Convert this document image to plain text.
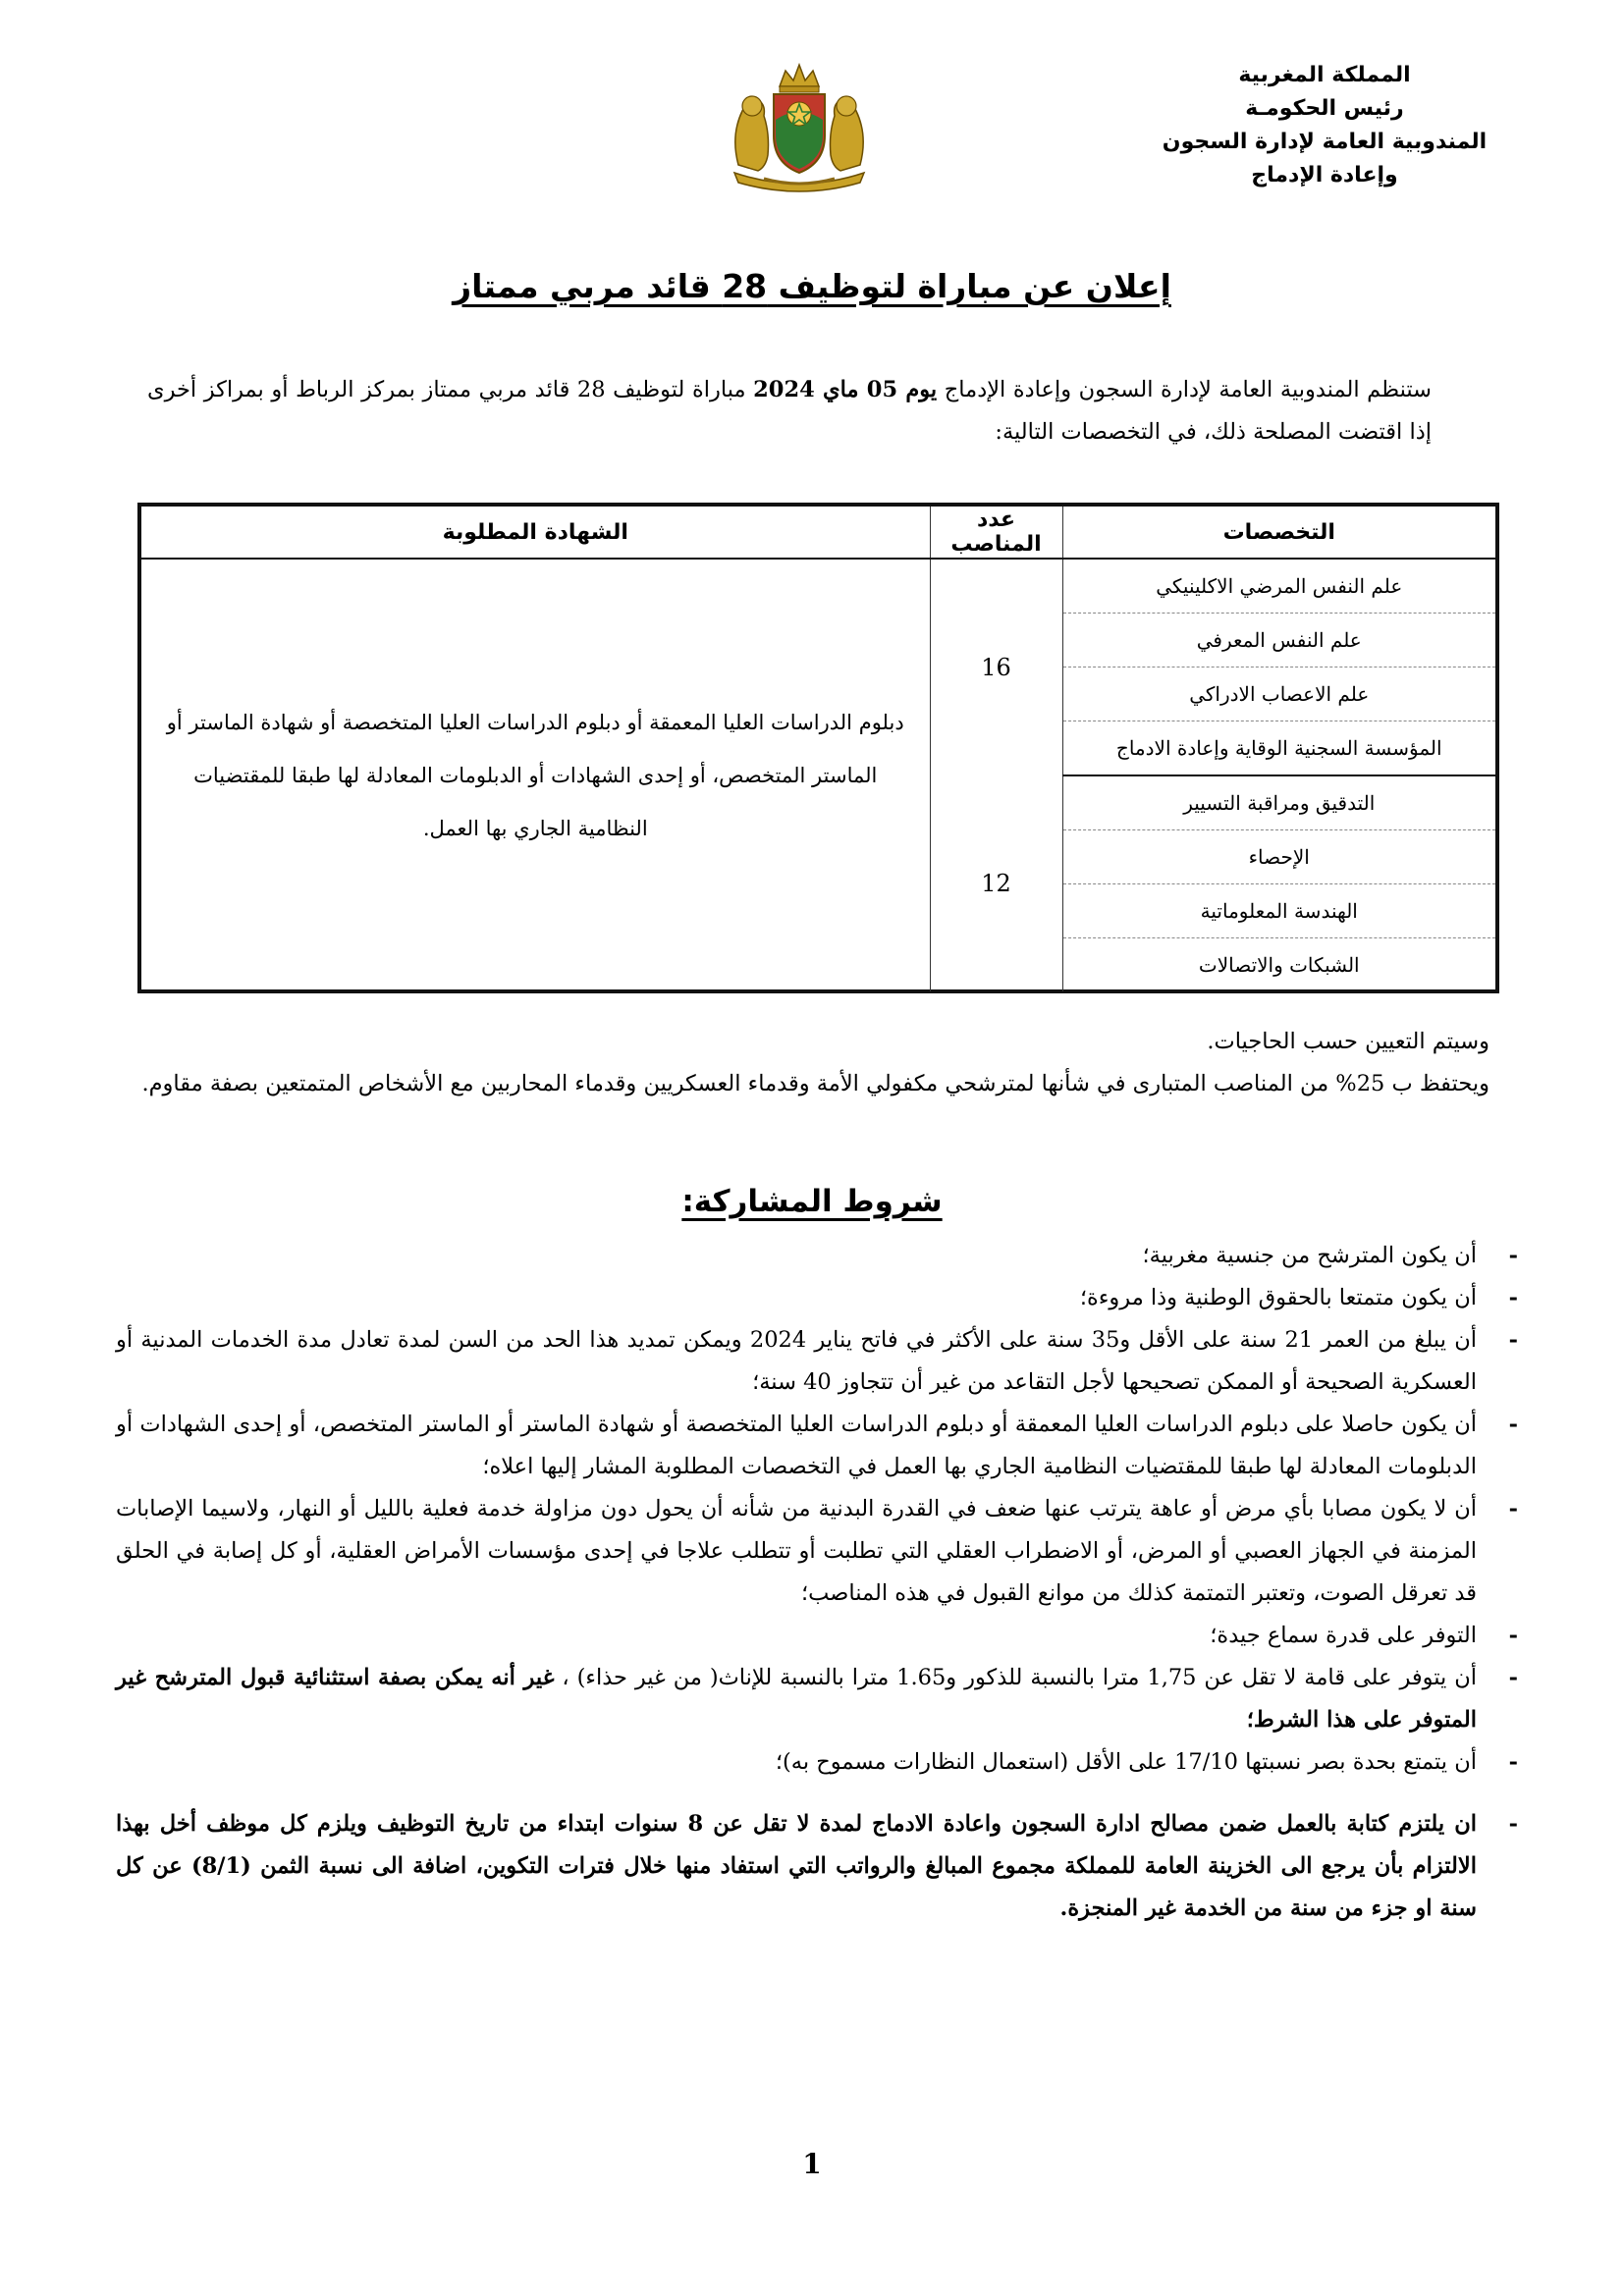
المملكة المغربية
رئيس الحكومـة
المندوبية العامة لإدارة السجون
وإعادة الإدماج
إعلان عن مباراة لتوظيف 28 قائد مربي ممتاز
ستنظم المندوبية العامة لإدارة السجون وإعادة الإدماج يوم 05 ماي 2024 مباراة لتوظيف 28 قائد مربي ممتاز بمركز الرباط أو بمراكز أخرى إذا اقتضت المصلحة ذلك، في التخصصات التالية:
التخصصات	عدد المناصب	الشهادة المطلوبة
علم النفس المرضي الاكلينيكي	16	دبلوم الدراسات العليا المعمقة أو دبلوم الدراسات العليا المتخصصة أو شهادة الماستر أو الماستر المتخصص، أو إحدى الشهادات أو الدبلومات المعادلة لها طبقا للمقتضيات النظامية الجاري بها العمل.
علم النفس المعرفي		
علم الاعصاب الادراكي		
المؤسسة السجنية الوقاية وإعادة الادماج		
التدقيق ومراقبة التسيير	12	
الإحصاء		
الهندسة المعلوماتية		
الشبكات والاتصالات		

وسيتم التعيين حسب الحاجيات.

ويحتفظ ب 25% من المناصب المتبارى في شأنها لمترشحي مكفولي الأمة وقدماء العسكريين وقدماء المحاربين مع الأشخاص المتمتعين بصفة مقاوم.

شروط المشاركة:
- أن يكون المترشح من جنسية مغربية؛
- أن يكون متمتعا بالحقوق الوطنية وذا مروءة؛
- أن يبلغ من العمر 21 سنة على الأقل و35 سنة على الأكثر في فاتح يناير 2024 ويمكن تمديد هذا الحد من السن لمدة تعادل مدة الخدمات المدنية أو العسكرية الصحيحة أو الممكن تصحيحها لأجل التقاعد من غير أن تتجاوز 40 سنة؛
- أن يكون حاصلا على دبلوم الدراسات العليا المعمقة أو دبلوم الدراسات العليا المتخصصة أو شهادة الماستر أو الماستر المتخصص، أو إحدى الشهادات أو الدبلومات المعادلة لها طبقا للمقتضيات النظامية الجاري بها العمل في التخصصات المطلوبة المشار إليها اعلاه؛
- أن لا يكون مصابا بأي مرض أو عاهة يترتب عنها ضعف في القدرة البدنية من شأنه أن يحول دون مزاولة خدمة فعلية بالليل أو النهار، ولاسيما الإصابات المزمنة في الجهاز العصبي أو المرض، أو الاضطراب العقلي التي تطلبت أو تتطلب علاجا في إحدى مؤسسات الأمراض العقلية، أو كل إصابة في الحلق قد تعرقل الصوت، وتعتبر التمتمة كذلك من موانع القبول في هذه المناصب؛
- التوفر على قدرة سماع جيدة؛
- أن يتوفر على قامة لا تقل عن 1,75 مترا بالنسبة للذكور و1.65 مترا بالنسبة للإناث( من غير حذاء) ، غير أنه يمكن بصفة استثنائية قبول المترشح غير المتوفر على هذا الشرط؛
- أن يتمتع بحدة بصر نسبتها 17/10 على الأقل (استعمال النظارات مسموح به)؛
- ان يلتزم كتابة بالعمل ضمن مصالح ادارة السجون واعادة الادماج لمدة لا تقل عن 8 سنوات ابتداء من تاريخ التوظيف ويلزم كل موظف أخل بهذا الالتزام بأن يرجع الى الخزينة العامة للمملكة مجموع المبالغ والرواتب التي استفاد منها خلال فترات التكوين، اضافة الى نسبة الثمن (8/1) عن كل سنة او جزء من سنة من الخدمة غير المنجزة.
1
